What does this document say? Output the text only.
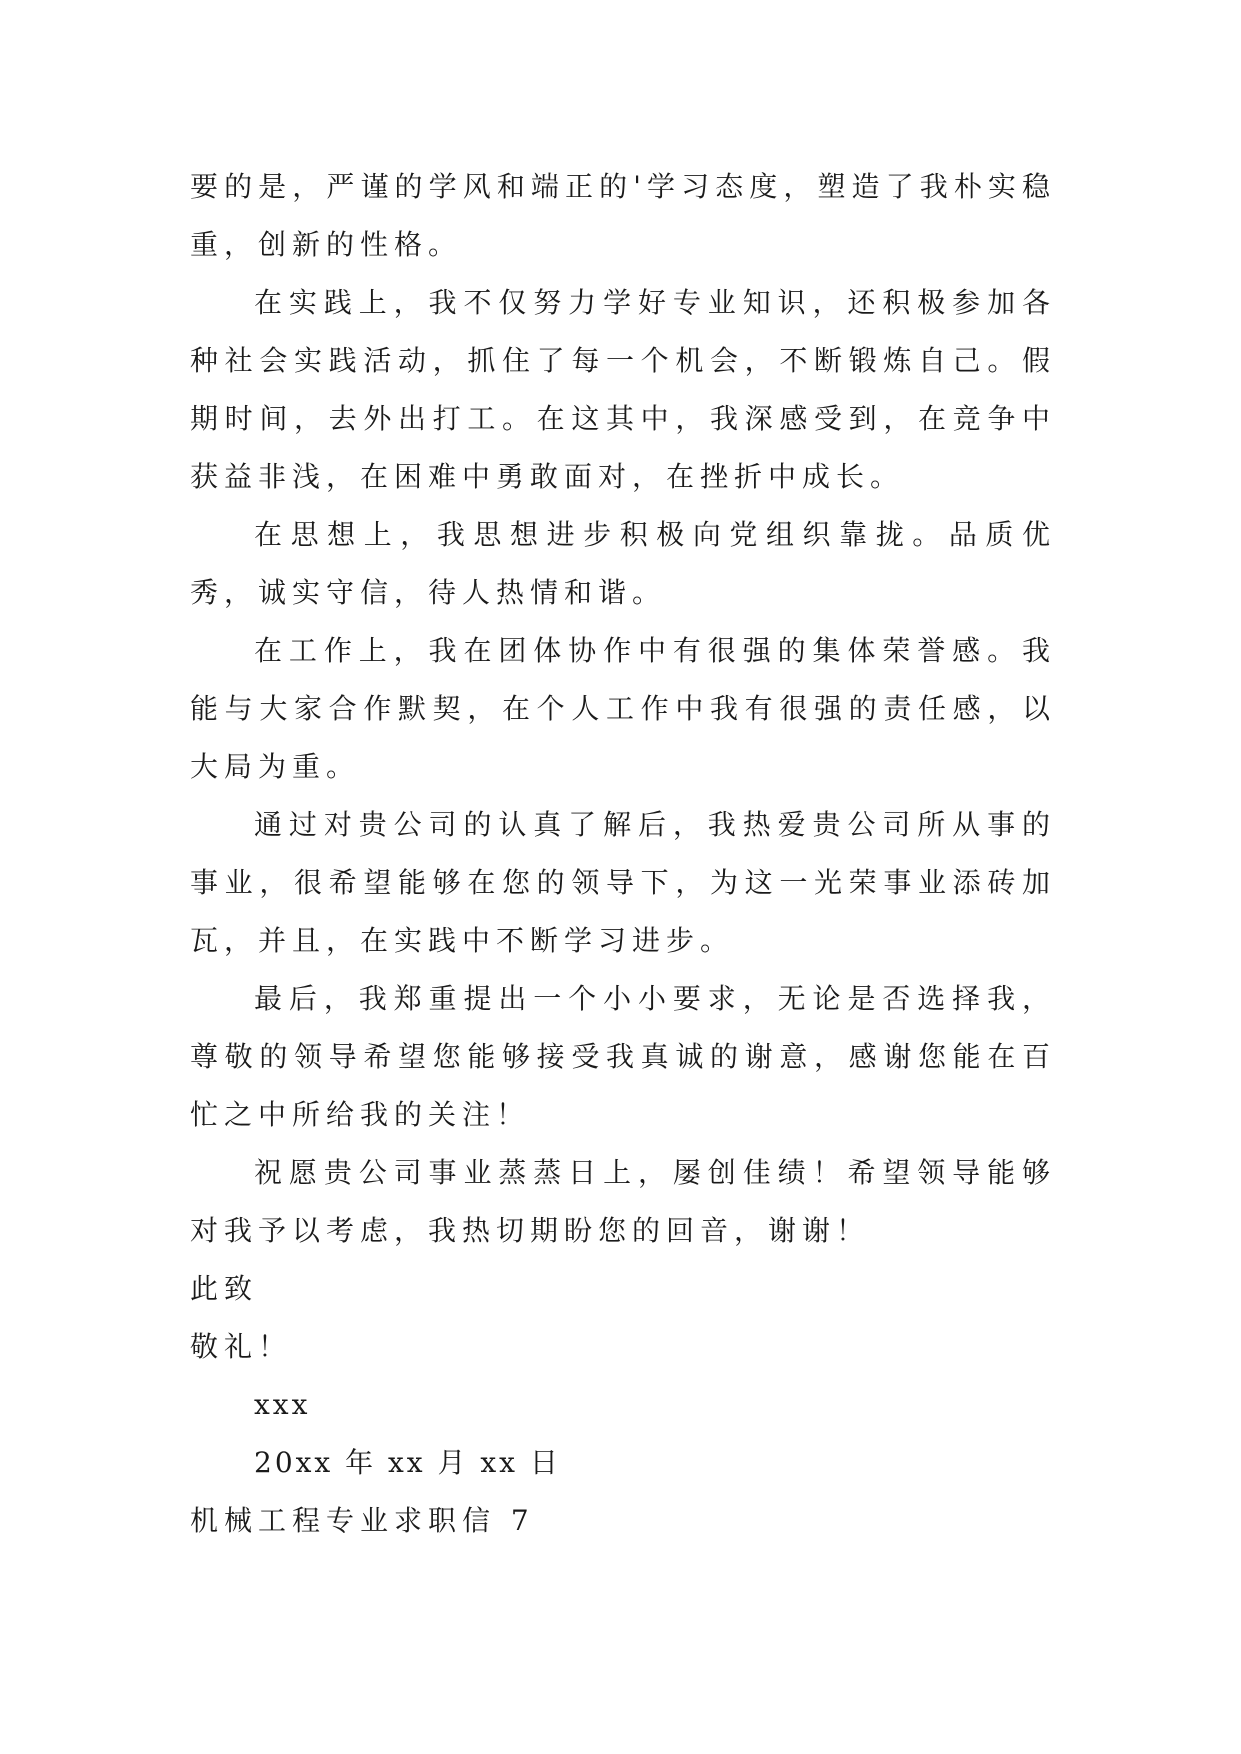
要的是，严谨的学风和端正的'学习态度，塑造了我朴实稳重，创新的性格。

在实践上，我不仅努力学好专业知识，还积极参加各种社会实践活动，抓住了每一个机会，不断锻炼自己。假期时间，去外出打工。在这其中，我深感受到，在竞争中获益非浅，在困难中勇敢面对，在挫折中成长。

在思想上，我思想进步积极向党组织靠拢。品质优秀，诚实守信，待人热情和谐。

在工作上，我在团体协作中有很强的集体荣誉感。我能与大家合作默契，在个人工作中我有很强的责任感，以大局为重。

通过对贵公司的认真了解后，我热爱贵公司所从事的事业，很希望能够在您的领导下，为这一光荣事业添砖加瓦，并且，在实践中不断学习进步。

最后，我郑重提出一个小小要求，无论是否选择我，尊敬的领导希望您能够接受我真诚的谢意，感谢您能在百忙之中所给我的关注！

祝愿贵公司事业蒸蒸日上，屡创佳绩！希望领导能够对我予以考虑，我热切期盼您的回音，谢谢！

此致

敬礼！

xxx

20xx 年 xx 月 xx 日

机械工程专业求职信 7
